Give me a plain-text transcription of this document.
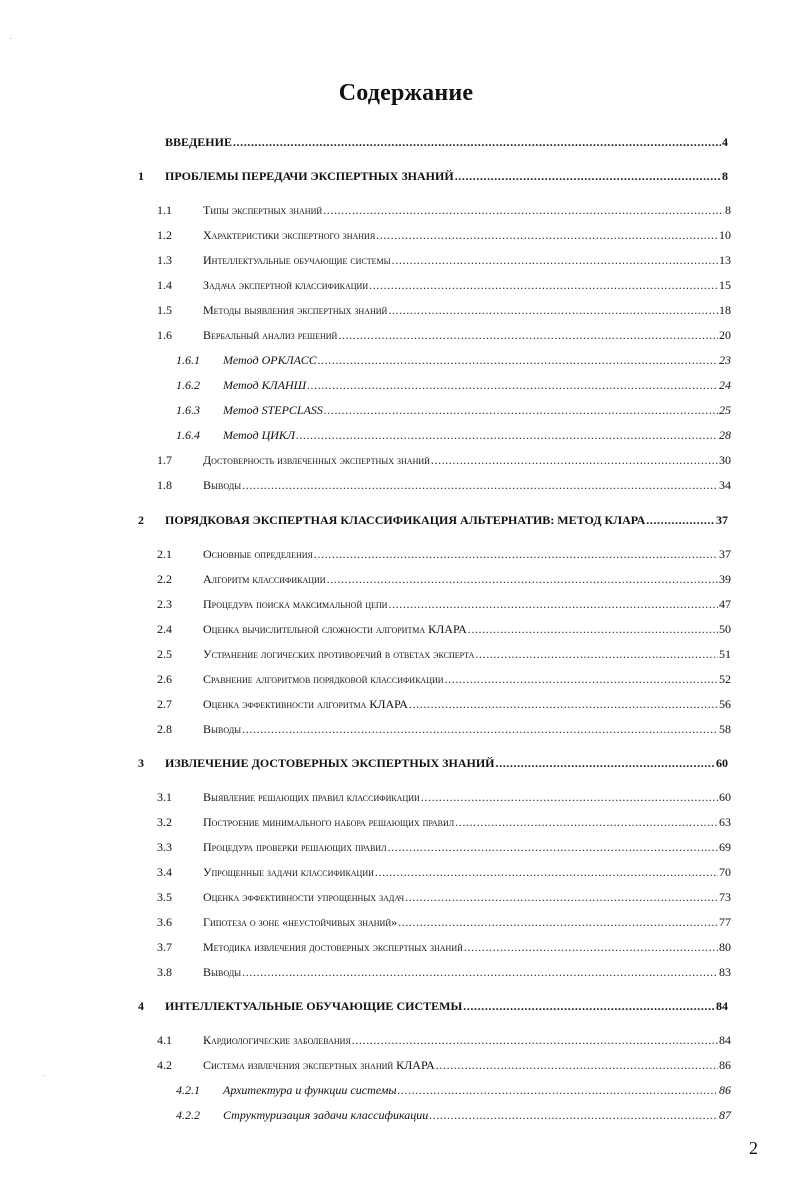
Содержание
ВВЕДЕНИЕ .....	4
1	ПРОБЛЕМЫ ПЕРЕДАЧИ ЭКСПЕРТНЫХ ЗНАНИЙ .....	8
1.1	Типы экспертных знаний .....	8
1.2	Характеристики экспертного знания .....	10
1.3	Интеллектуальные обучающие системы .....	13
1.4	Задача экспертной классификации .....	15
1.5	Методы выявления экспертных знаний .....	18
1.6	Вербальный анализ решений .....	20
1.6.1	Метод ОРКЛАСС .....	23
1.6.2	Метод КЛАНШ .....	24
1.6.3	Метод STEPCLASS .....	25
1.6.4	Метод ЦИКЛ .....	28
1.7	Достоверность извлеченных экспертных знаний .....	30
1.8	Выводы .....	34
2	ПОРЯДКОВАЯ ЭКСПЕРТНАЯ КЛАССИФИКАЦИЯ АЛЬТЕРНАТИВ: МЕТОД КЛАРА .....	37
2.1	Основные определения .....	37
2.2	Алгоритм классификации .....	39
2.3	Процедура поиска максимальной цепи .....	47
2.4	Оценка вычислительной сложности алгоритма КЛАРА .....	50
2.5	Устранение логических противоречий в ответах эксперта .....	51
2.6	Сравнение алгоритмов порядковой классификации .....	52
2.7	Оценка эффективности алгоритма КЛАРА .....	56
2.8	Выводы .....	58
3	ИЗВЛЕЧЕНИЕ ДОСТОВЕРНЫХ ЭКСПЕРТНЫХ ЗНАНИЙ .....	60
3.1	Выявление решающих правил классификации .....	60
3.2	Построение минимального набора решающих правил .....	63
3.3	Процедура проверки решающих правил .....	69
3.4	Упрощенные задачи классификации .....	70
3.5	Оценка эффективности упрощенных задач .....	73
3.6	Гипотеза о зоне «неустойчивых знаний» .....	77
3.7	Методика извлечения достоверных экспертных знаний .....	80
3.8	Выводы .....	83
4	ИНТЕЛЛЕКТУАЛЬНЫЕ ОБУЧАЮЩИЕ СИСТЕМЫ .....	84
4.1	Кардиологические заболевания .....	84
4.2	Система извлечения экспертных знаний КЛАРА .....	86
4.2.1	Архитектура и функции системы .....	86
4.2.2	Структуризация задачи классификации .....	87
2
